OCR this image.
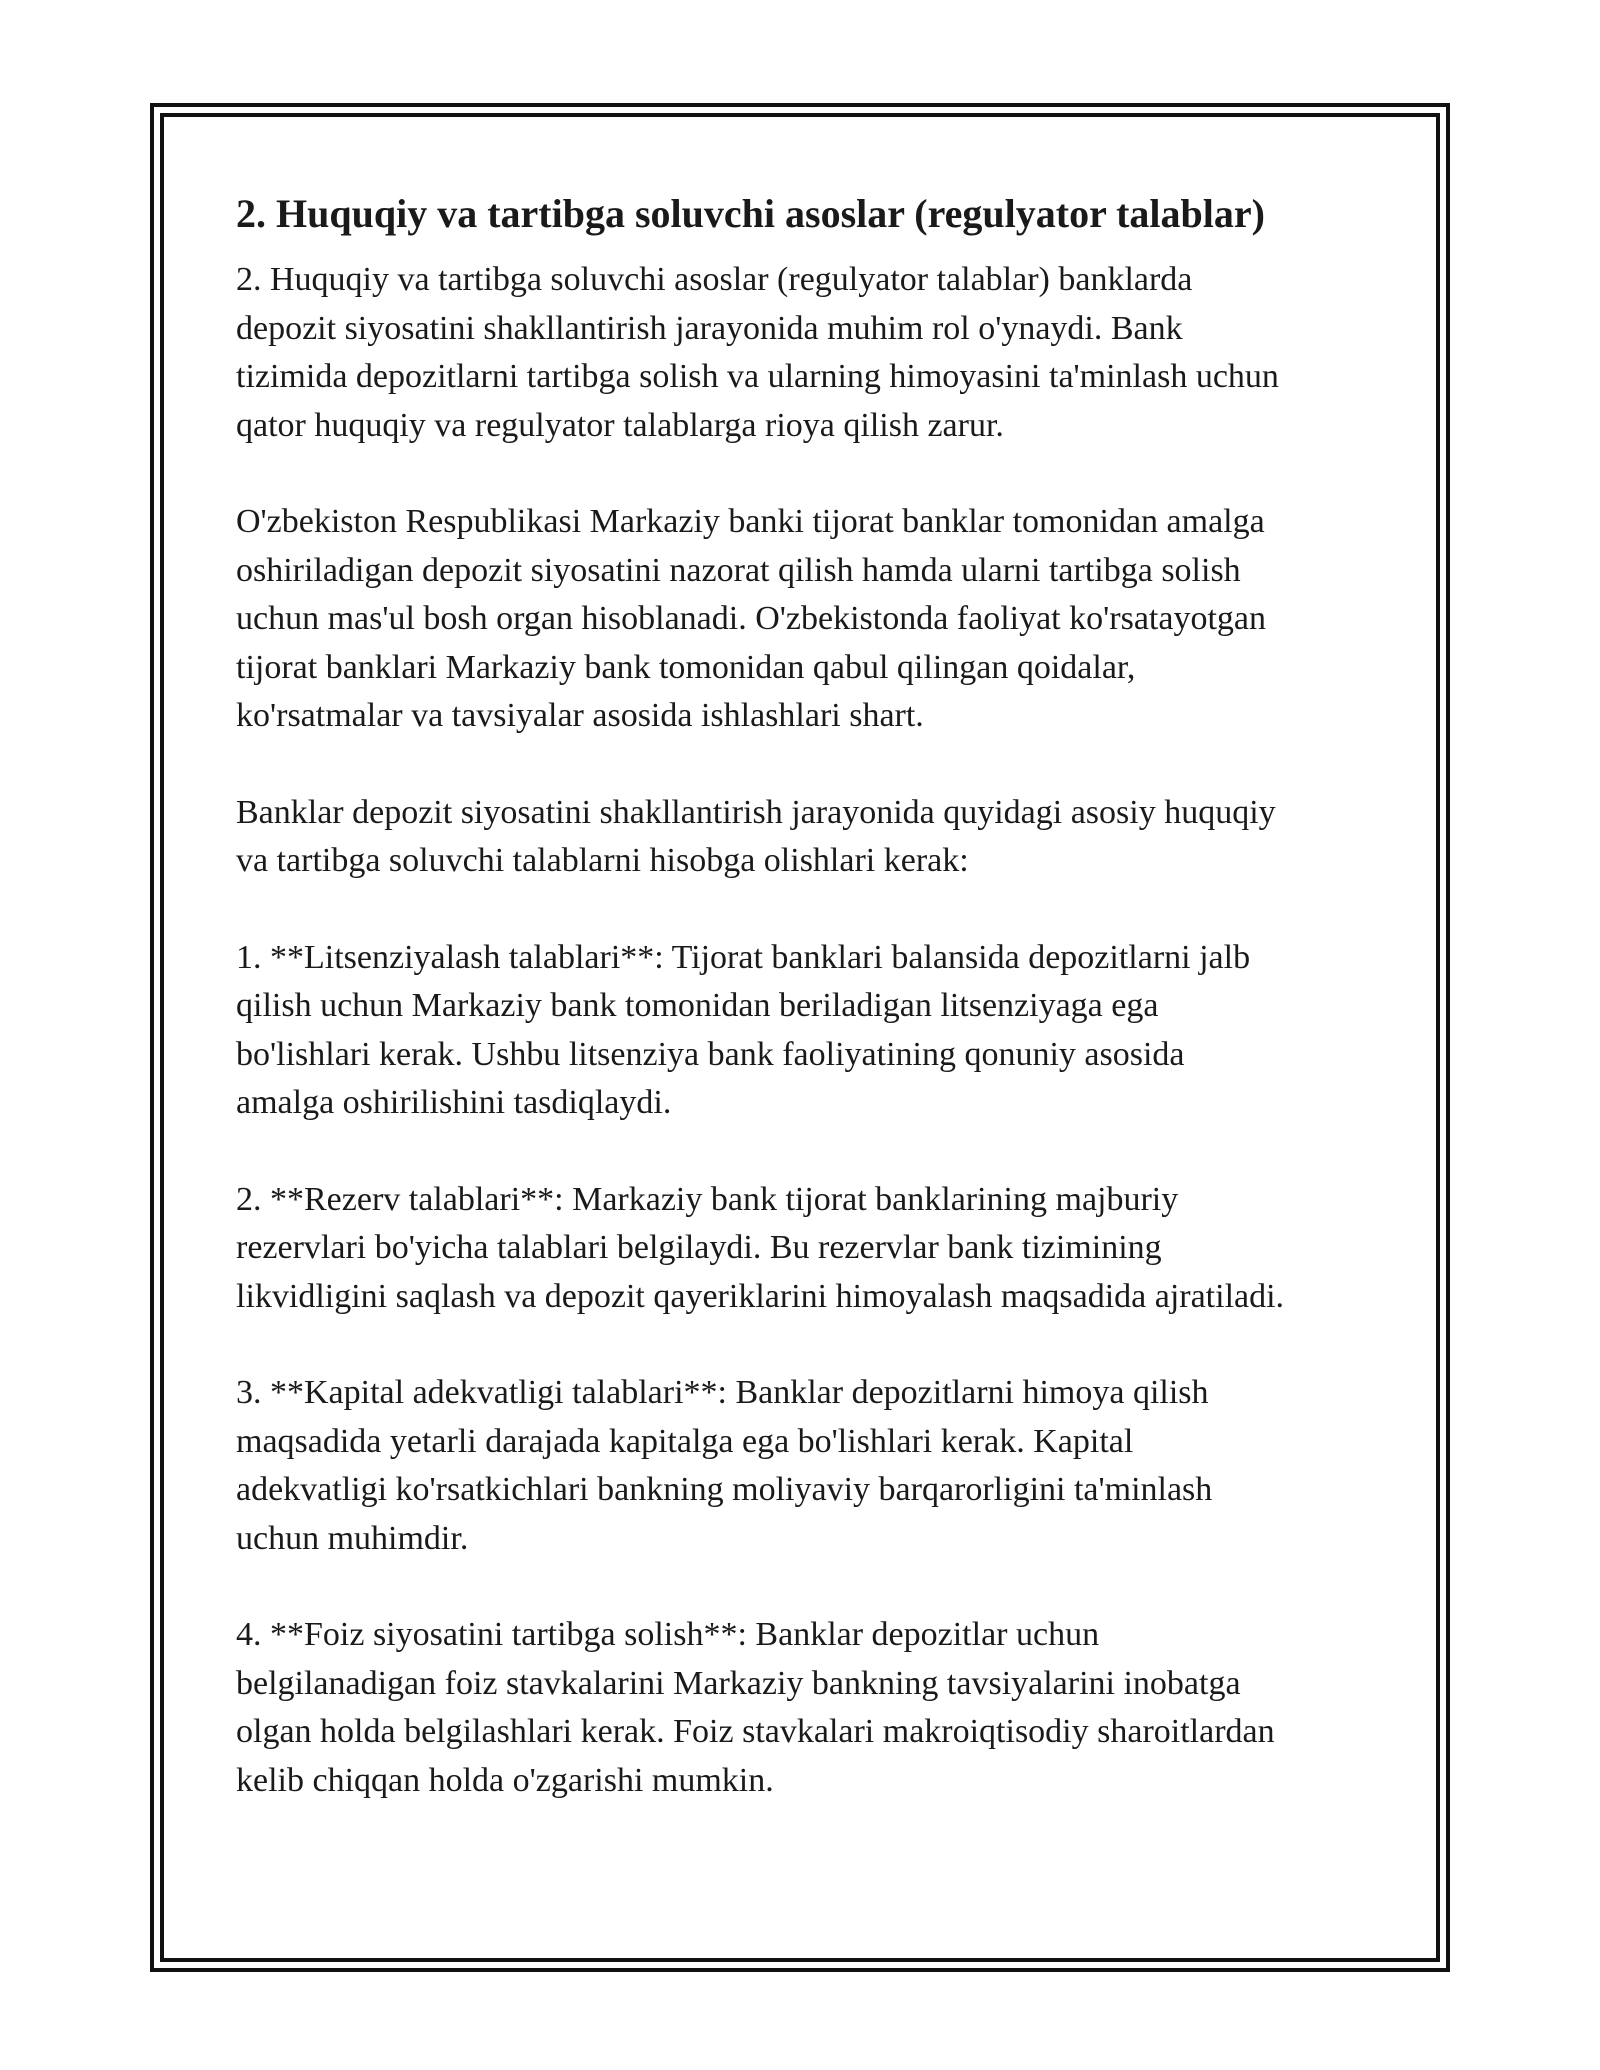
2. Huquqiy va tartibga soluvchi asoslar (regulyator talablar)

2. Huquqiy va tartibga soluvchi asoslar (regulyator talablar) banklarda
depozit siyosatini shakllantirish jarayonida muhim rol o'ynaydi. Bank
tizimida depozitlarni tartibga solish va ularning himoyasini ta'minlash uchun
qator huquqiy va regulyator talablarga rioya qilish zarur.

O'zbekiston Respublikasi Markaziy banki tijorat banklar tomonidan amalga
oshiriladigan depozit siyosatini nazorat qilish hamda ularni tartibga solish
uchun mas'ul bosh organ hisoblanadi. O'zbekistonda faoliyat ko'rsatayotgan
tijorat banklari Markaziy bank tomonidan qabul qilingan qoidalar,
ko'rsatmalar va tavsiyalar asosida ishlashlari shart.

Banklar depozit siyosatini shakllantirish jarayonida quyidagi asosiy huquqiy
va tartibga soluvchi talablarni hisobga olishlari kerak:

1. **Litsenziyalash talablari**: Tijorat banklari balansida depozitlarni jalb
qilish uchun Markaziy bank tomonidan beriladigan litsenziyaga ega
bo'lishlari kerak. Ushbu litsenziya bank faoliyatining qonuniy asosida
amalga oshirilishini tasdiqlaydi.

2. **Rezerv talablari**: Markaziy bank tijorat banklarining majburiy
rezervlari bo'yicha talablari belgilaydi. Bu rezervlar bank tizimining
likvidligini saqlash va depozit qayeriklarini himoyalash maqsadida ajratiladi.

3. **Kapital adekvatligi talablari**: Banklar depozitlarni himoya qilish
maqsadida yetarli darajada kapitalga ega bo'lishlari kerak. Kapital
adekvatligi ko'rsatkichlari bankning moliyaviy barqarorligini ta'minlash
uchun muhimdir.

4. **Foiz siyosatini tartibga solish**: Banklar depozitlar uchun
belgilanadigan foiz stavkalarini Markaziy bankning tavsiyalarini inobatga
olgan holda belgilashlari kerak. Foiz stavkalari makroiqtisodiy sharoitlardan
kelib chiqqan holda o'zgarishi mumkin.
